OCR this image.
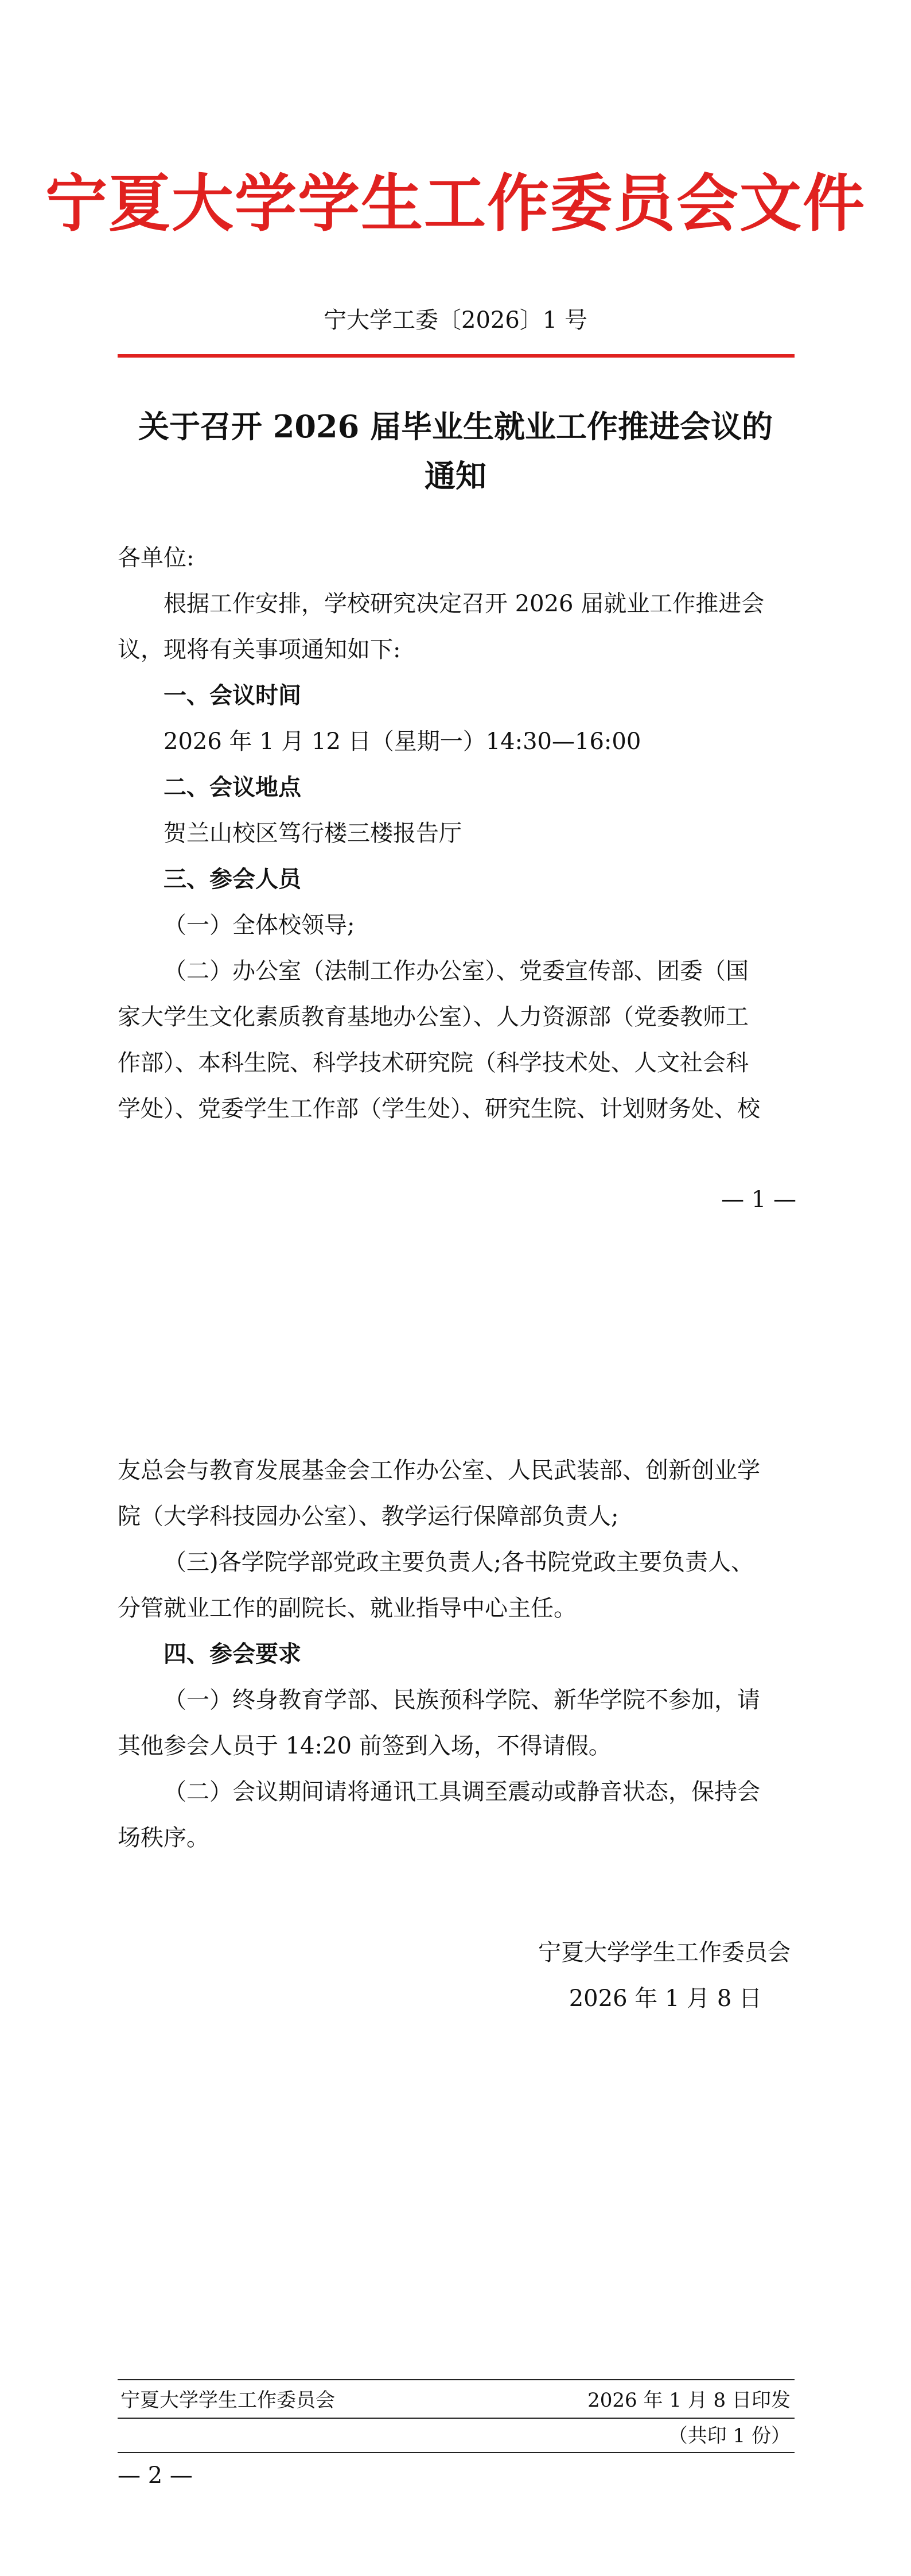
宁夏大学学生工作委员会文件
宁大学工委〔2026〕1 号
关于召开 2026 届毕业生就业工作推进会议的
通知
各单位:
根据工作安排，学校研究决定召开 2026 届就业工作推进会
议，现将有关事项通知如下:
一、会议时间
2026 年 1 月 12 日（星期一）14:30—16:00
二、会议地点
贺兰山校区笃行楼三楼报告厅
三、参会人员
（一）全体校领导;
（二）办公室（法制工作办公室）、党委宣传部、团委（国
家大学生文化素质教育基地办公室）、人力资源部（党委教师工
作部）、本科生院、科学技术研究院（科学技术处、人文社会科
学处）、党委学生工作部（学生处）、研究生院、计划财务处、校
— 1 —
友总会与教育发展基金会工作办公室、人民武装部、创新创业学
院（大学科技园办公室）、教学运行保障部负责人;
（三)各学院学部党政主要负责人;各书院党政主要负责人、
分管就业工作的副院长、就业指导中心主任。
四、参会要求
（一）终身教育学部、民族预科学院、新华学院不参加，请
其他参会人员于 14:20 前签到入场，不得请假。
（二）会议期间请将通讯工具调至震动或静音状态，保持会
场秩序。
宁夏大学学生工作委员会
2026 年 1 月 8 日
宁夏大学学生工作委员会	2026 年 1 月 8 日印发
（共印 1 份）
— 2 —
